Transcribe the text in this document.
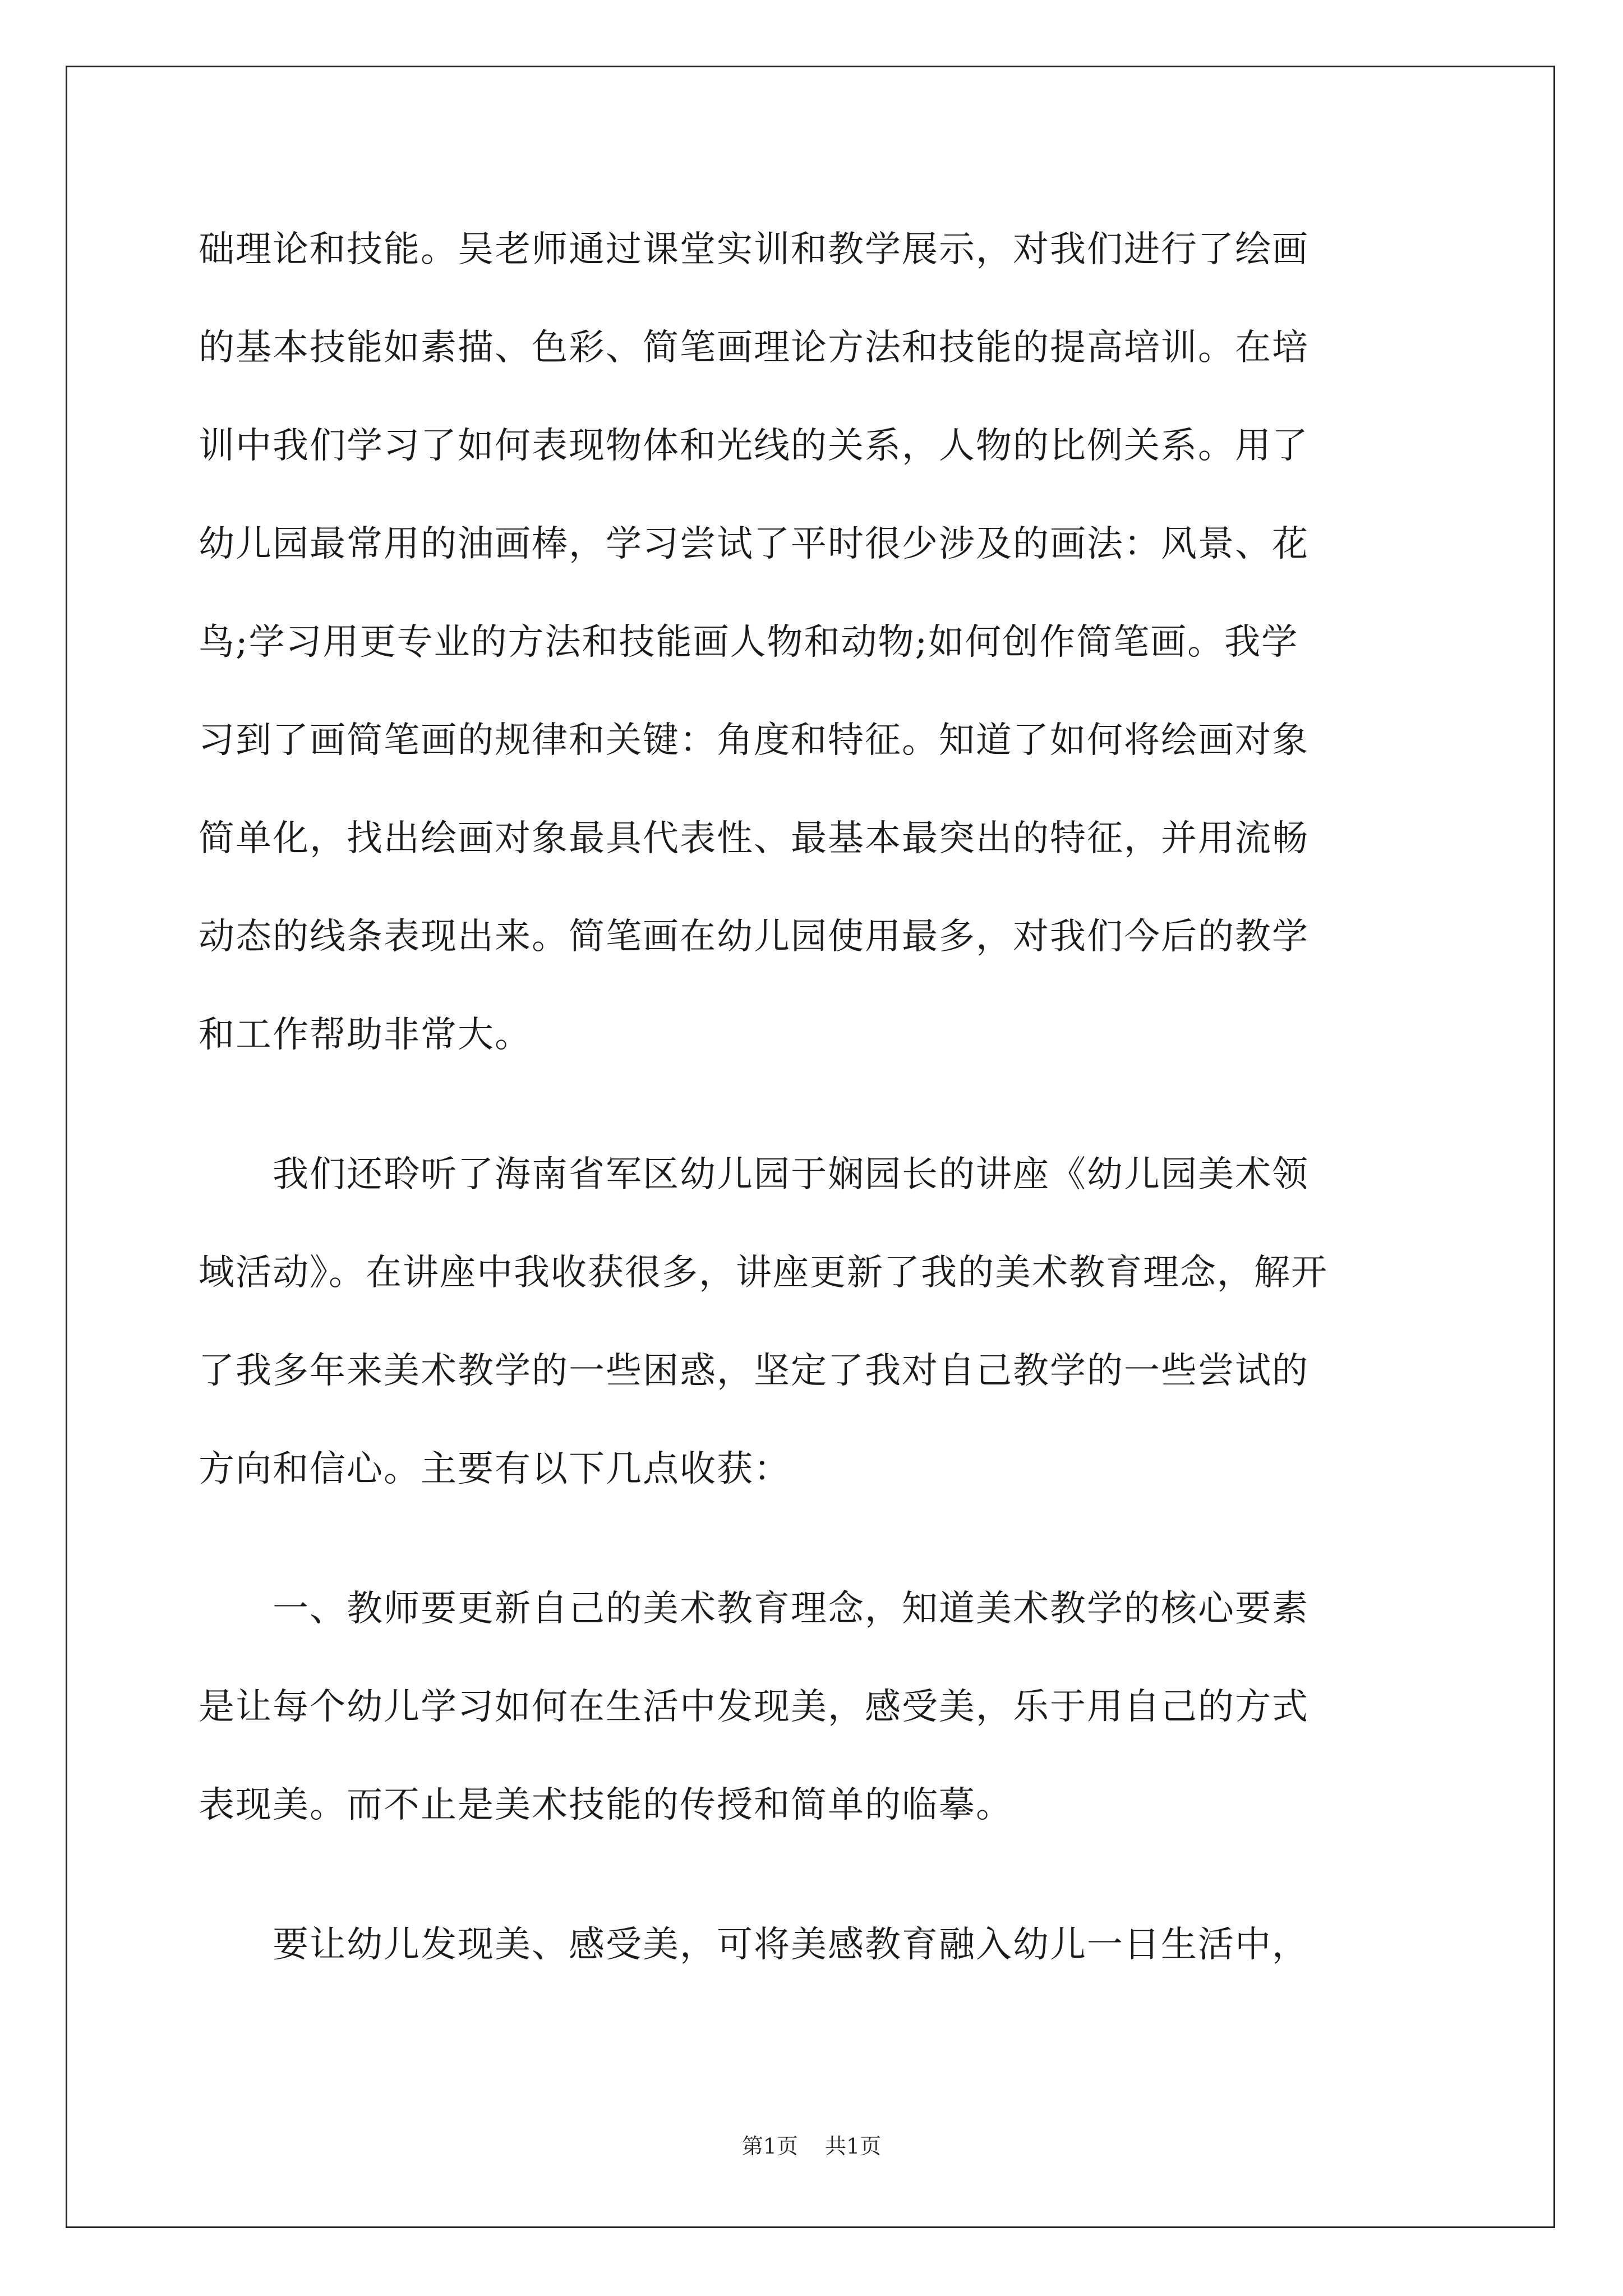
础理论和技能。吴老师通过课堂实训和教学展示，对我们进行了绘画
的基本技能如素描、色彩、简笔画理论方法和技能的提高培训。在培
训中我们学习了如何表现物体和光线的关系，人物的比例关系。用了
幼儿园最常用的油画棒，学习尝试了平时很少涉及的画法：风景、花
鸟;学习用更专业的方法和技能画人物和动物;如何创作简笔画。我学
习到了画简笔画的规律和关键：角度和特征。知道了如何将绘画对象
简单化，找出绘画对象最具代表性、最基本最突出的特征，并用流畅
动态的线条表现出来。简笔画在幼儿园使用最多，对我们今后的教学
和工作帮助非常大。
　　我们还聆听了海南省军区幼儿园于娴园长的讲座《幼儿园美术领
域活动》。在讲座中我收获很多，讲座更新了我的美术教育理念，解开
了我多年来美术教学的一些困惑，坚定了我对自己教学的一些尝试的
方向和信心。主要有以下几点收获：
　　一、教师要更新自己的美术教育理念，知道美术教学的核心要素
是让每个幼儿学习如何在生活中发现美，感受美，乐于用自己的方式
表现美。而不止是美术技能的传授和简单的临摹。
　　要让幼儿发现美、感受美，可将美感教育融入幼儿一日生活中，
第1页 共1页
